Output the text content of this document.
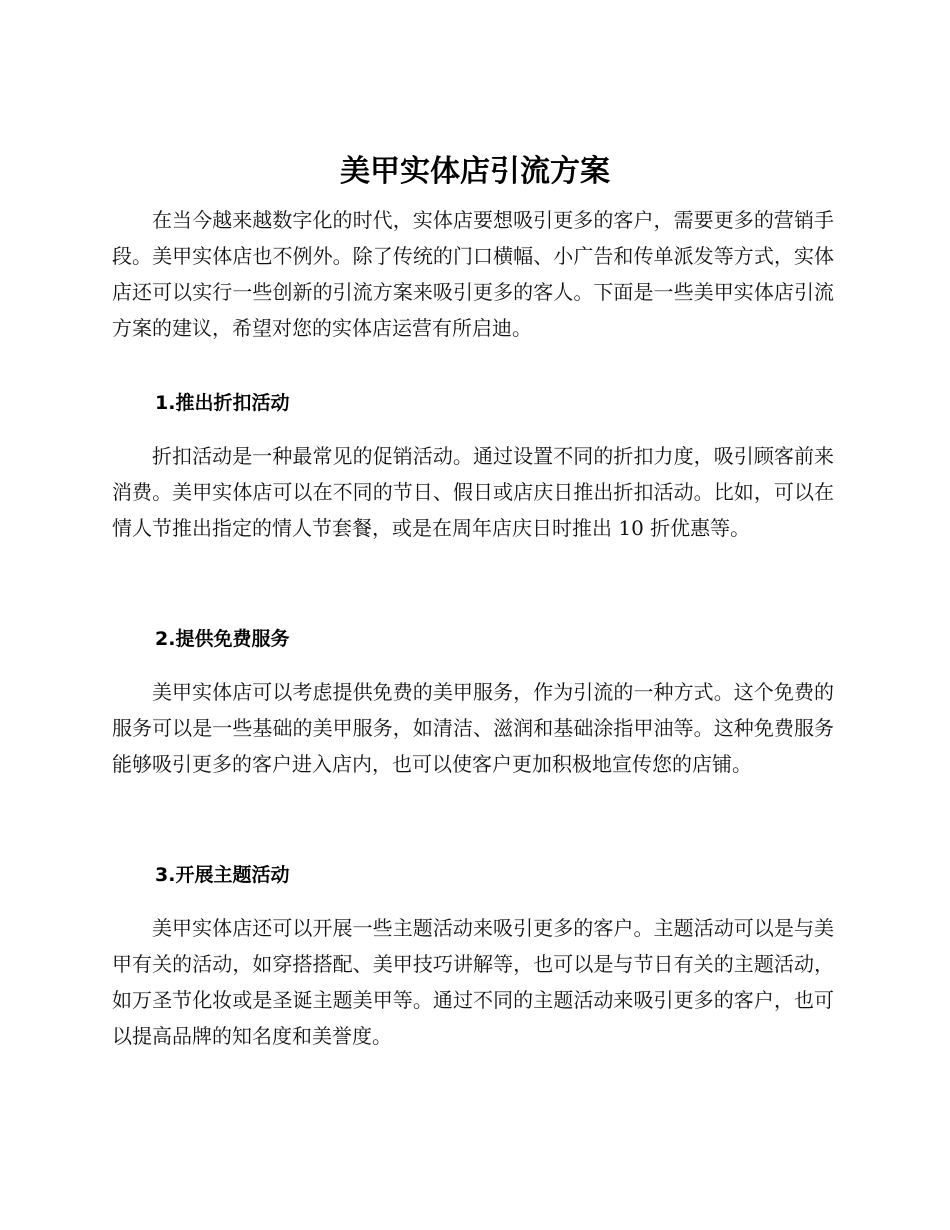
美甲实体店引流方案

在当今越来越数字化的时代，实体店要想吸引更多的客户，需要更多的营销手段。美甲实体店也不例外。除了传统的门口横幅、小广告和传单派发等方式，实体店还可以实行一些创新的引流方案来吸引更多的客人。下面是一些美甲实体店引流方案的建议，希望对您的实体店运营有所启迪。

1.推出折扣活动

折扣活动是一种最常见的促销活动。通过设置不同的折扣力度，吸引顾客前来消费。美甲实体店可以在不同的节日、假日或店庆日推出折扣活动。比如，可以在情人节推出指定的情人节套餐，或是在周年店庆日时推出 10 折优惠等。

2.提供免费服务

美甲实体店可以考虑提供免费的美甲服务，作为引流的一种方式。这个免费的服务可以是一些基础的美甲服务，如清洁、滋润和基础涂指甲油等。这种免费服务能够吸引更多的客户进入店内，也可以使客户更加积极地宣传您的店铺。

3.开展主题活动

美甲实体店还可以开展一些主题活动来吸引更多的客户。主题活动可以是与美甲有关的活动，如穿搭搭配、美甲技巧讲解等，也可以是与节日有关的主题活动，如万圣节化妆或是圣诞主题美甲等。通过不同的主题活动来吸引更多的客户，也可以提高品牌的知名度和美誉度。
